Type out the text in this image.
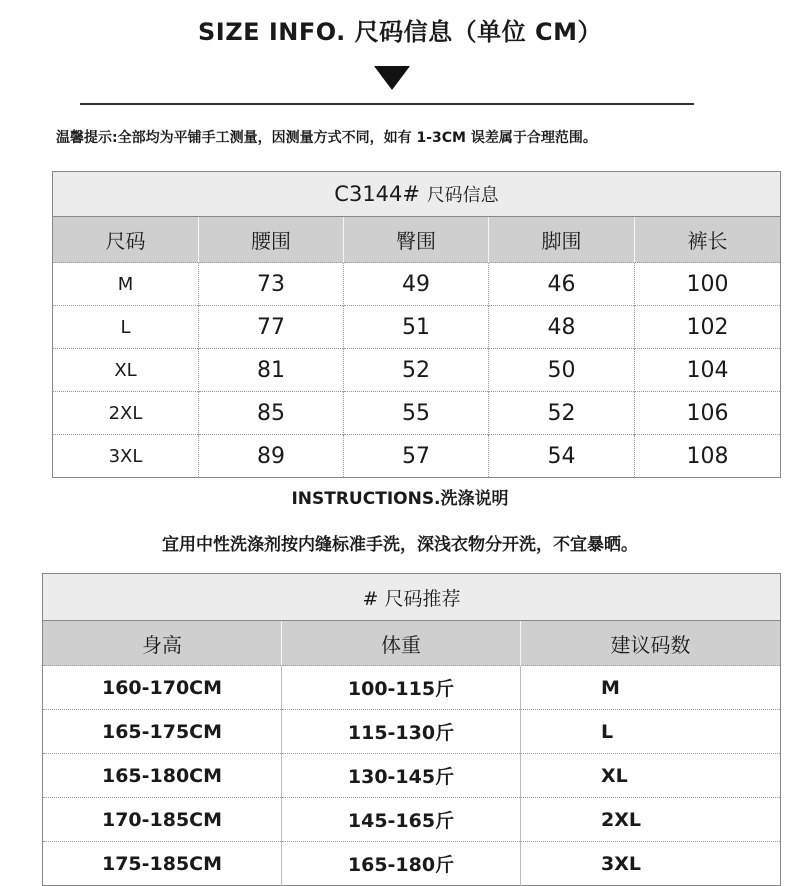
SIZE INFO. 尺码信息（单位 CM）
温馨提示:全部均为平铺手工测量，因测量方式不同，如有 1-3CM 误差属于合理范围。
C3144# 尺码信息				
尺码	腰围	臀围	脚围	裤长
M	73	49	46	100
L	77	51	48	102
XL	81	52	50	104
2XL	85	55	52	106
3XL	89	57	54	108
INSTRUCTIONS.洗涤说明
宜用中性洗涤剂按内缝标准手洗，深浅衣物分开洗，不宜暴晒。
# 尺码推荐		
身高	体重	建议码数
160-170CM	100-115斤	M
165-175CM	115-130斤	L
165-180CM	130-145斤	XL
170-185CM	145-165斤	2XL
175-185CM	165-180斤	3XL
